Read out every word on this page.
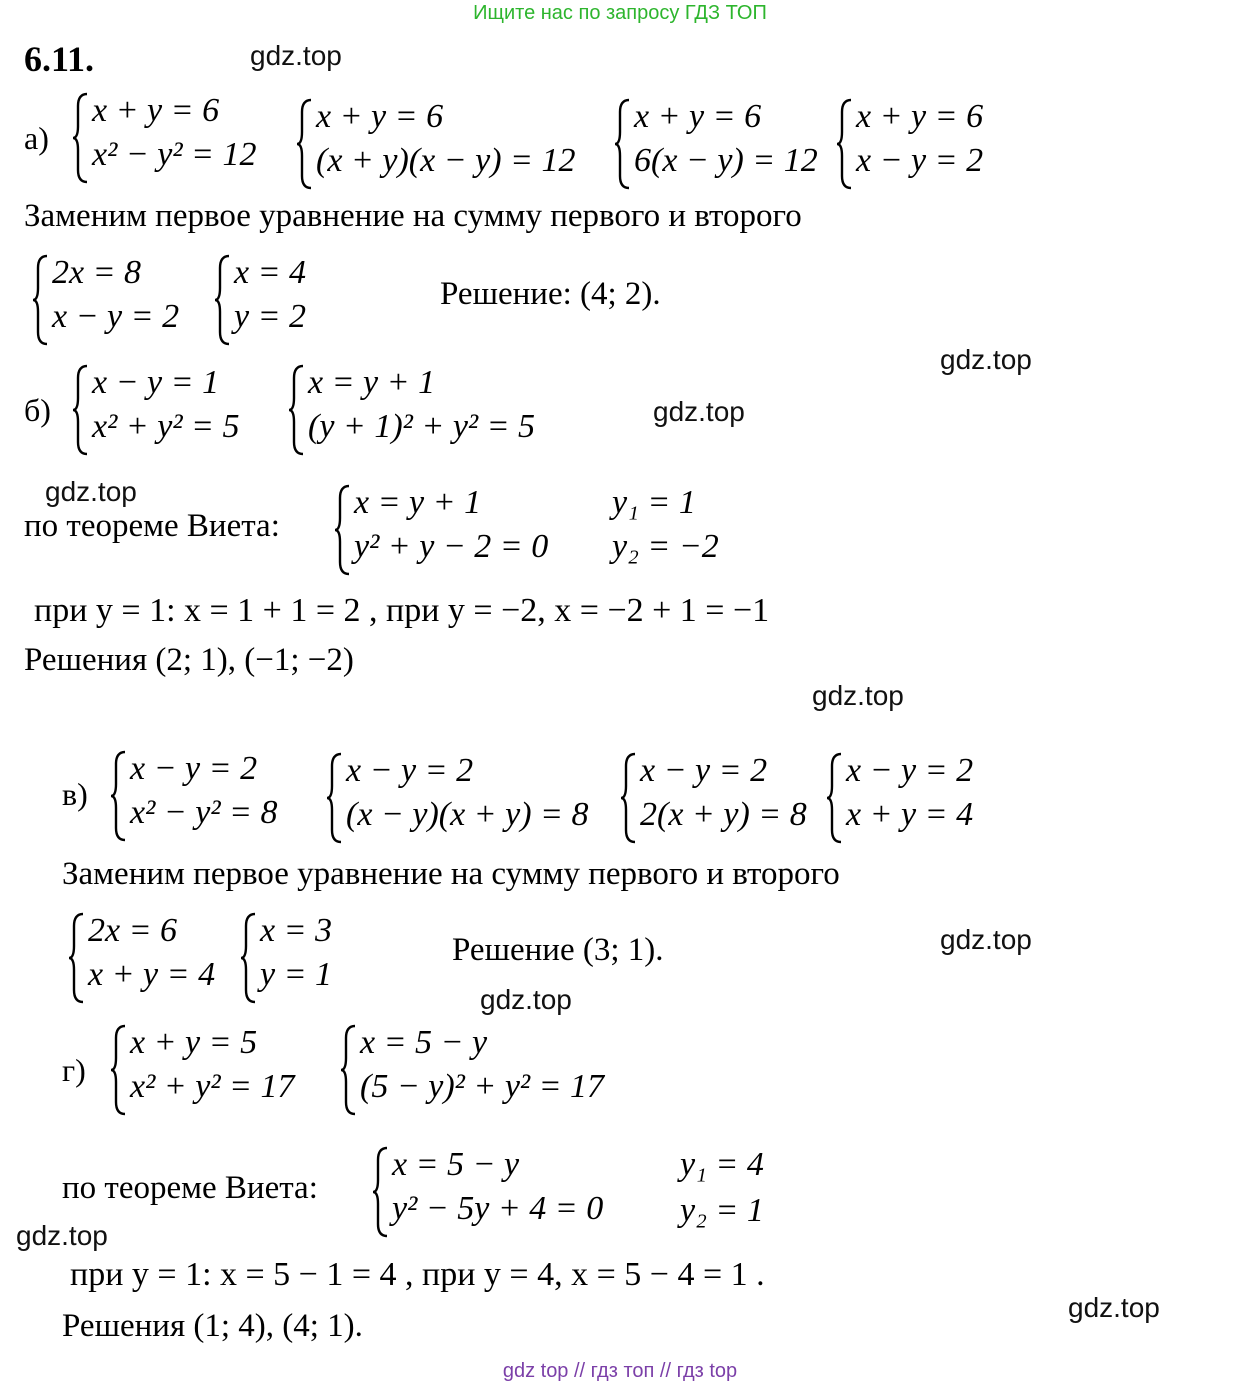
Ищите нас по запросу ГДЗ ТОП
6.11.	gdz.top
gdz.top
gdz.top
gdz.top
gdz.top
gdz.top
gdz.top
gdz.top
gdz.top
а)
x + y = 6
x² − y² = 12
x + y = 6
(x + y)(x − y) = 12
x + y = 6
6(x − y) = 12
x + y = 6
x − y = 2
Заменим первое уравнение на сумму первого и второго
2x = 8
x − y = 2
x = 4
y = 2
Решение: (4; 2).
б)
x − y = 1
x² + y² = 5
x = y + 1
(y + 1)² + y² = 5
по теореме Виета:
x = y + 1
y² + y − 2 = 0
y₁ = 1
y₂ = −2
при y = 1: x = 1 + 1 = 2 , при y = −2, x = −2 + 1 = −1
Решения (2; 1), (−1; −2)
в)
x − y = 2
x² − y² = 8
x − y = 2
(x − y)(x + y) = 8
x − y = 2
2(x + y) = 8
x − y = 2
x + y = 4
Заменим первое уравнение на сумму первого и второго
2x = 6
x + y = 4
x = 3
y = 1
Решение (3; 1).
г)
x + y = 5
x² + y² = 17
x = 5 − y
(5 − y)² + y² = 17
по теореме Виета:
x = 5 − y
y² − 5y + 4 = 0
y₁ = 4
y₂ = 1
при y = 1: x = 5 − 1 = 4 , при y = 4, x = 5 − 4 = 1 .
Решения (1; 4), (4; 1).
gdz top // гдз топ // гдз top
